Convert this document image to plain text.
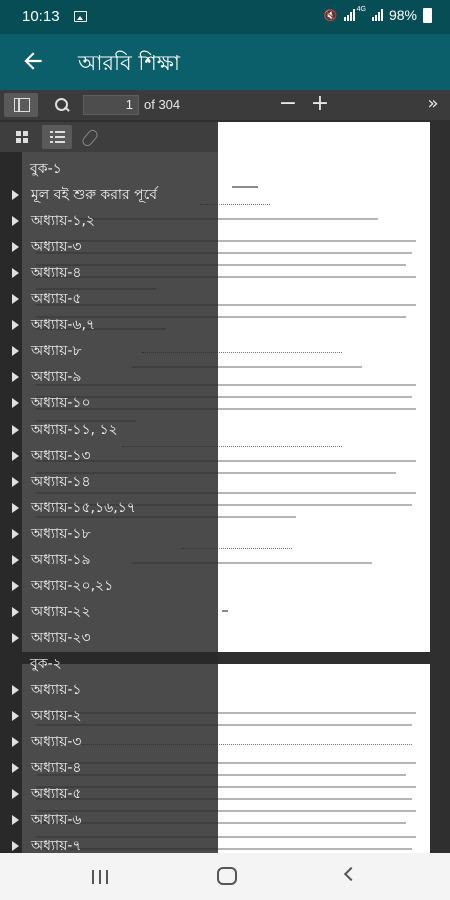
10:13	🔇
4G 98%
আরবি শিক্ষা
1 of 304	− +	»
বুক-১
মূল বই শুরু করার পূর্বে
অধ্যায়-১,২
অধ্যায়-৩
অধ্যায়-৪
অধ্যায়-৫
অধ্যায়-৬,৭
অধ্যায়-৮
অধ্যায়-৯
অধ্যায়-১০
অধ্যায়-১১, ১২
অধ্যায়-১৩
অধ্যায়-১৪
অধ্যায়-১৫,১৬,১৭
অধ্যায়-১৮
অধ্যায়-১৯
অধ্যায়-২০,২১
অধ্যায়-২২
অধ্যায়-২৩
বুক-২
অধ্যায়-১
অধ্যায়-২
অধ্যায়-৩
অধ্যায়-৪
অধ্যায়-৫
অধ্যায়-৬
অধ্যায়-৭
